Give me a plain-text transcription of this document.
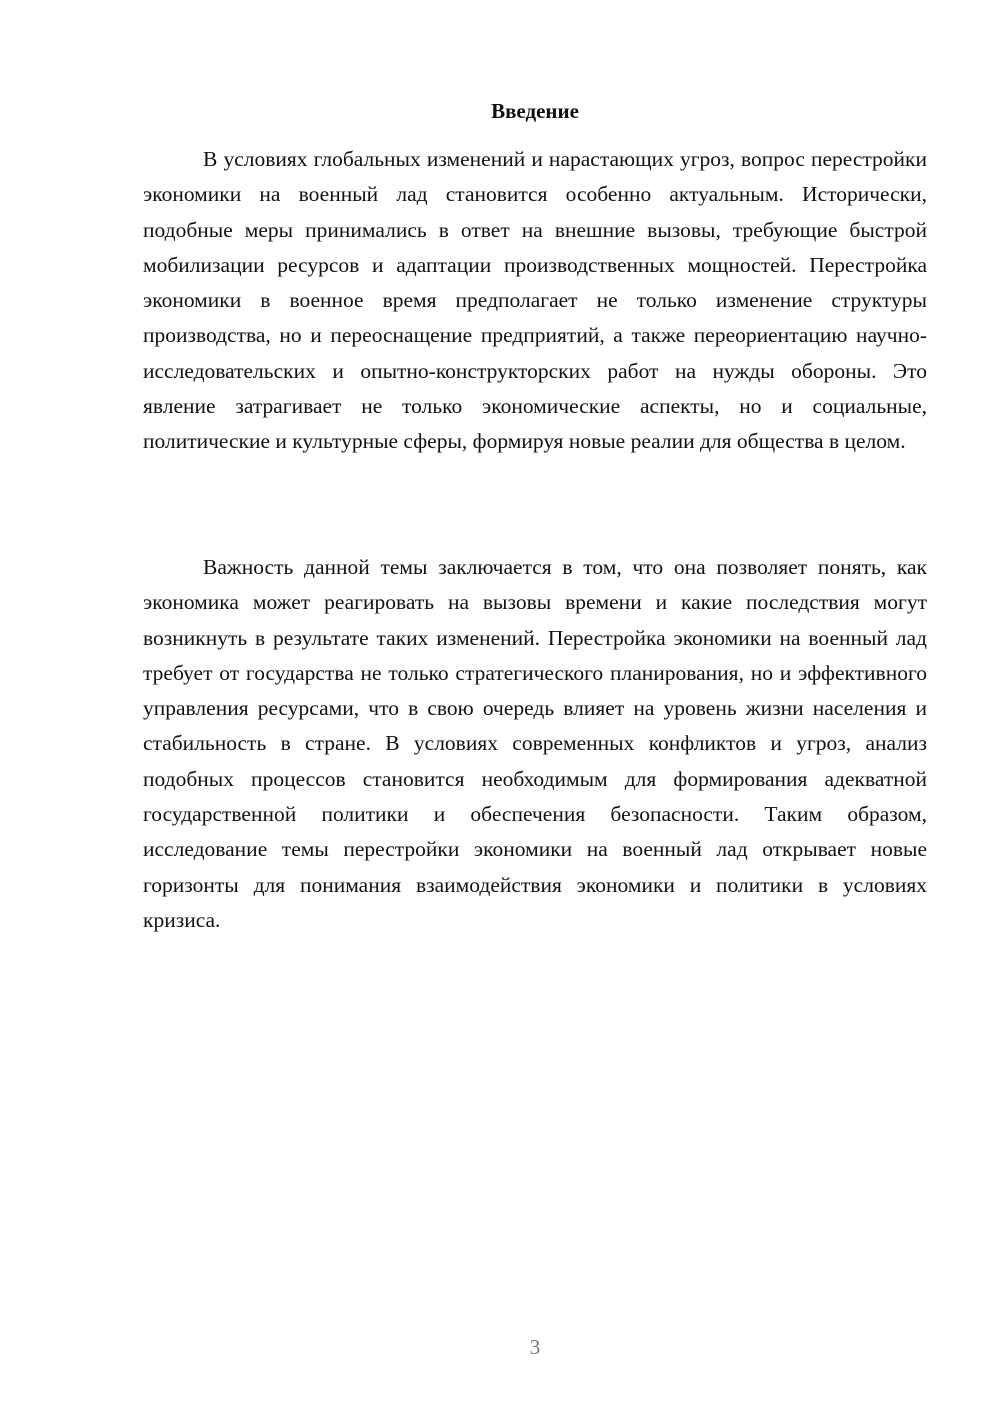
Введение

В условиях глобальных изменений и нарастающих угроз, вопрос перестройки экономики на военный лад становится особенно актуальным. Исторически, подобные меры принимались в ответ на внешние вызовы, требующие быстрой мобилизации ресурсов и адаптации производственных мощностей. Перестройка экономики в военное время предполагает не только изменение структуры производства, но и переоснащение предприятий, а также переориентацию научно-исследовательских и опытно-конструкторских работ на нужды обороны. Это явление затрагивает не только экономические аспекты, но и социальные, политические и культурные сферы, формируя новые реалии для общества в целом.

Важность данной темы заключается в том, что она позволяет понять, как экономика может реагировать на вызовы времени и какие последствия могут возникнуть в результате таких изменений. Перестройка экономики на военный лад требует от государства не только стратегического планирования, но и эффективного управления ресурсами, что в свою очередь влияет на уровень жизни населения и стабильность в стране. В условиях современных конфликтов и угроз, анализ подобных процессов становится необходимым для формирования адекватной государственной политики и обеспечения безопасности. Таким образом, исследование темы перестройки экономики на военный лад открывает новые горизонты для понимания взаимодействия экономики и политики в условиях кризиса.

3
